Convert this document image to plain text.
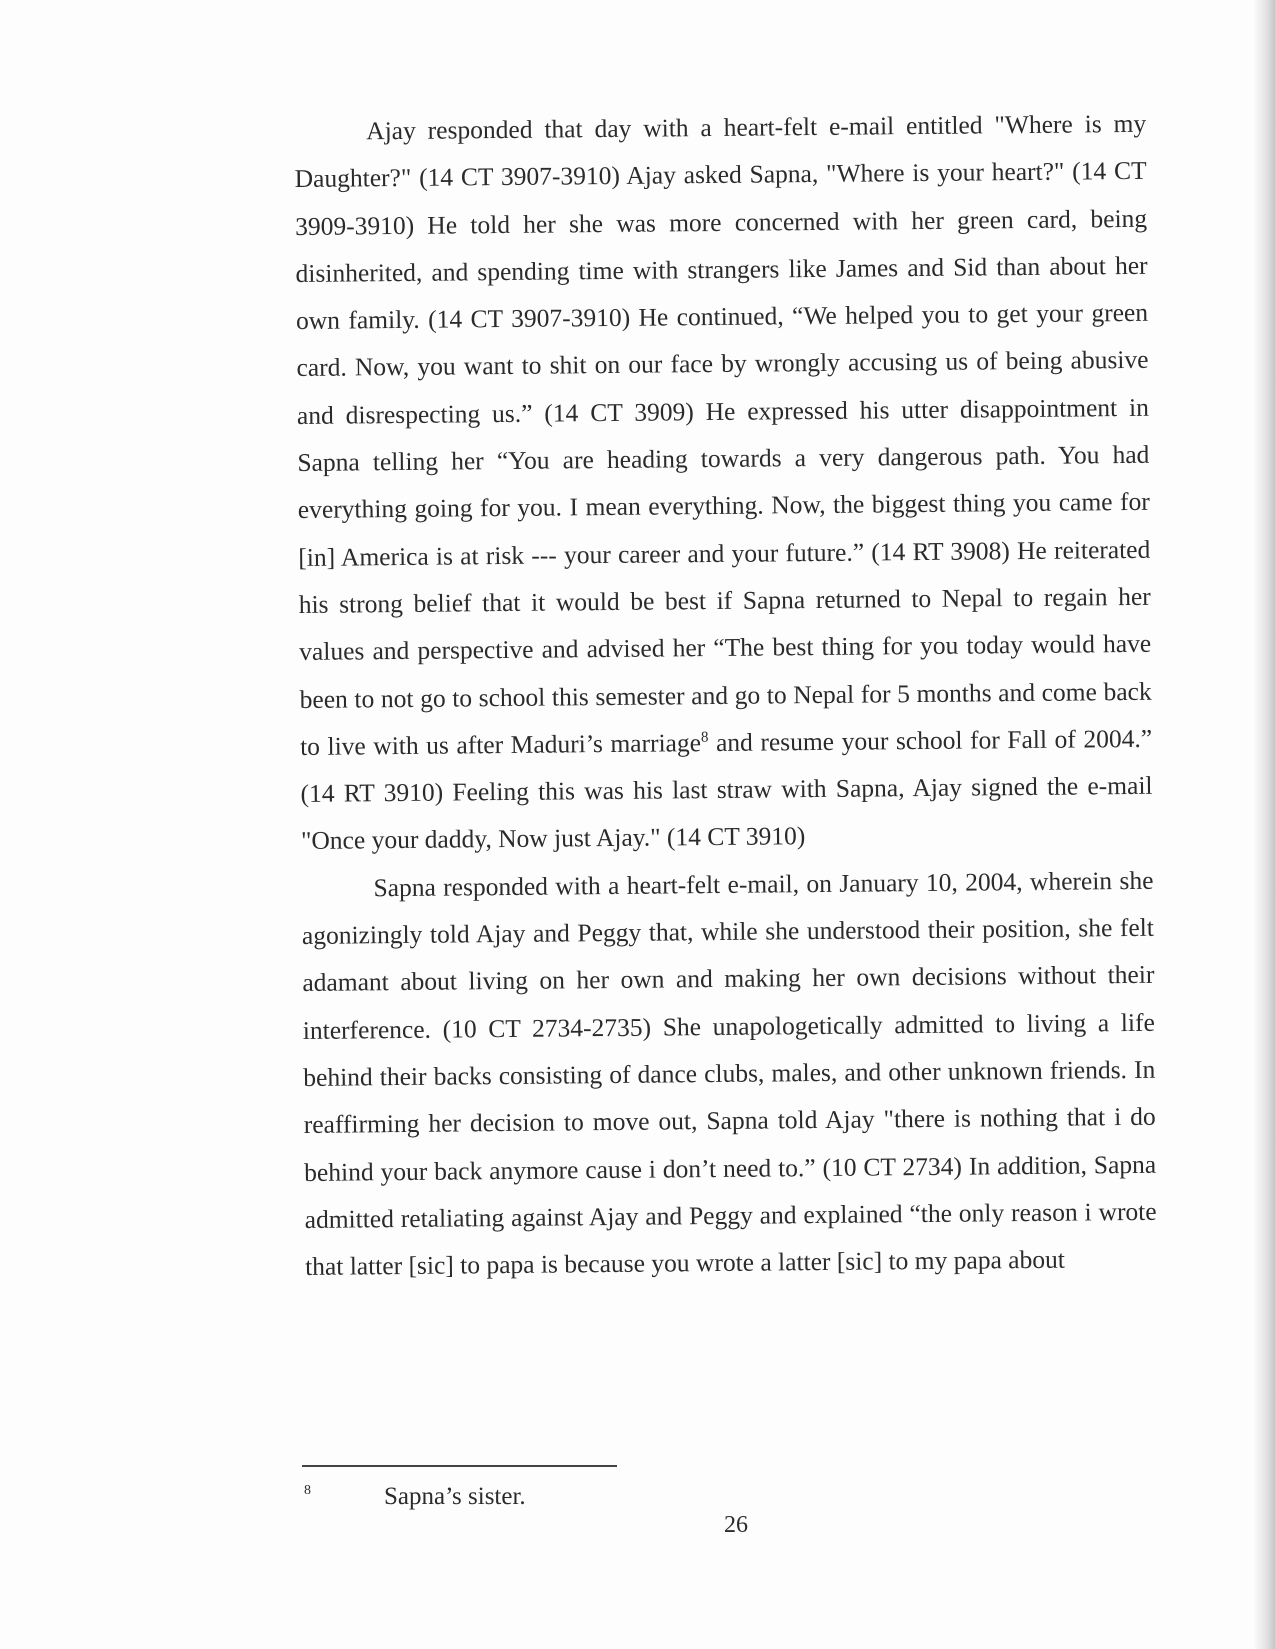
Ajay responded that day with a heart-felt e-mail entitled "Where is my Daughter?" (14 CT 3907-3910) Ajay asked Sapna, "Where is your heart?" (14 CT 3909-3910) He told her she was more concerned with her green card, being disinherited, and spending time with strangers like James and Sid than about her own family. (14 CT 3907-3910) He continued, “We helped you to get your green card. Now, you want to shit on our face by wrongly accusing us of being abusive and disrespecting us.” (14 CT 3909) He expressed his utter disappointment in Sapna telling her “You are heading towards a very dangerous path. You had everything going for you. I mean everything. Now, the biggest thing you came for [in] America is at risk --- your career and your future.” (14 RT 3908) He reiterated his strong belief that it would be best if Sapna returned to Nepal to regain her values and perspective and advised her “The best thing for you today would have been to not go to school this semester and go to Nepal for 5 months and come back to live with us after Maduri’s marriage$^8$ and resume your school for Fall of 2004.” (14 RT 3910) Feeling this was his last straw with Sapna, Ajay signed the e-mail "Once your daddy, Now just Ajay." (14 CT 3910)

Sapna responded with a heart-felt e-mail, on January 10, 2004, wherein she agonizingly told Ajay and Peggy that, while she understood their position, she felt adamant about living on her own and making her own decisions without their interference. (10 CT 2734-2735) She unapologetically admitted to living a life behind their backs consisting of dance clubs, males, and other unknown friends. In reaffirming her decision to move out, Sapna told Ajay "there is nothing that i do behind your back anymore cause i don’t need to.” (10 CT 2734) In addition, Sapna admitted retaliating against Ajay and Peggy and explained “the only reason i wrote that latter [sic] to papa is because you wrote a latter [sic] to my papa about

8	Sapna’s sister.
26
